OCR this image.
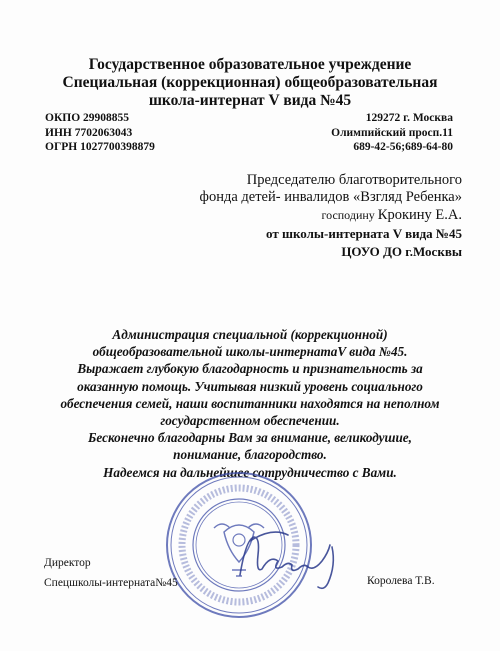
Государственное образовательное учреждение
Специальная (коррекционная) общеобразовательная
школа-интернат V вида №45
ОКПО 29908855	129272 г. Москва
ИНН 7702063043	Олимпийский просп.11
ОГРН 1027700398879	689-42-56;689-64-80
Председателю благотворительного
фонда детей- инвалидов «Взгляд Ребенка»
господину Крокину Е.А.
от школы-интерната V вида №45
ЦОУО ДО г.Москвы
Администрация специальной (коррекционной)
общеобразовательной школы-интернатаV вида №45.
Выражает глубокую благодарность и признательность за
оказанную помощь. Учитывая низкий уровень социального
обеспечения семей, наши воспитанники находятся на неполном
государственном обеспечении.
Бесконечно благодарны Вам за внимание, великодушие,
понимание, благородство.
Надеемся на дальнейшее сотрудничество с Вами.
Директор
Спецшколы-интерната№45	Королева Т.В.
